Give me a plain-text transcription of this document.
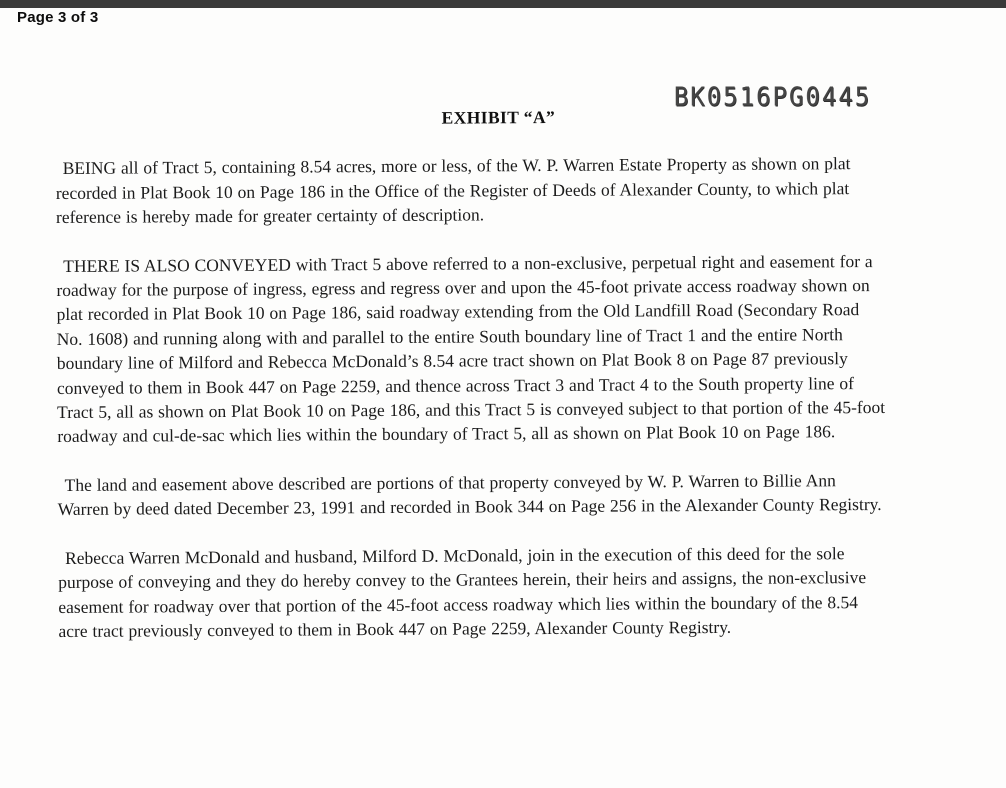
Page 3 of 3
BK0516PG0445
EXHIBIT “A”

BEING all of Tract 5, containing 8.54 acres, more or less, of the W. P. Warren Estate Property as shown on plat recorded in Plat Book 10 on Page 186 in the Office of the Register of Deeds of Alexander County, to which plat reference is hereby made for greater certainty of description.

THERE IS ALSO CONVEYED with Tract 5 above referred to a non-exclusive, perpetual right and easement for a roadway for the purpose of ingress, egress and regress over and upon the 45-foot private access roadway shown on plat recorded in Plat Book 10 on Page 186, said roadway extending from the Old Landfill Road (Secondary Road No. 1608) and running along with and parallel to the entire South boundary line of Tract 1 and the entire North boundary line of Milford and Rebecca McDonald’s 8.54 acre tract shown on Plat Book 8 on Page 87 previously conveyed to them in Book 447 on Page 2259, and thence across Tract 3 and Tract 4 to the South property line of Tract 5, all as shown on Plat Book 10 on Page 186, and this Tract 5 is conveyed subject to that portion of the 45-foot roadway and cul-de-sac which lies within the boundary of Tract 5, all as shown on Plat Book 10 on Page 186.

The land and easement above described are portions of that property conveyed by W. P. Warren to Billie Ann Warren by deed dated December 23, 1991 and recorded in Book 344 on Page 256 in the Alexander County Registry.

Rebecca Warren McDonald and husband, Milford D. McDonald, join in the execution of this deed for the sole purpose of conveying and they do hereby convey to the Grantees herein, their heirs and assigns, the non-exclusive easement for roadway over that portion of the 45-foot access roadway which lies within the boundary of the 8.54 acre tract previously conveyed to them in Book 447 on Page 2259, Alexander County Registry.
